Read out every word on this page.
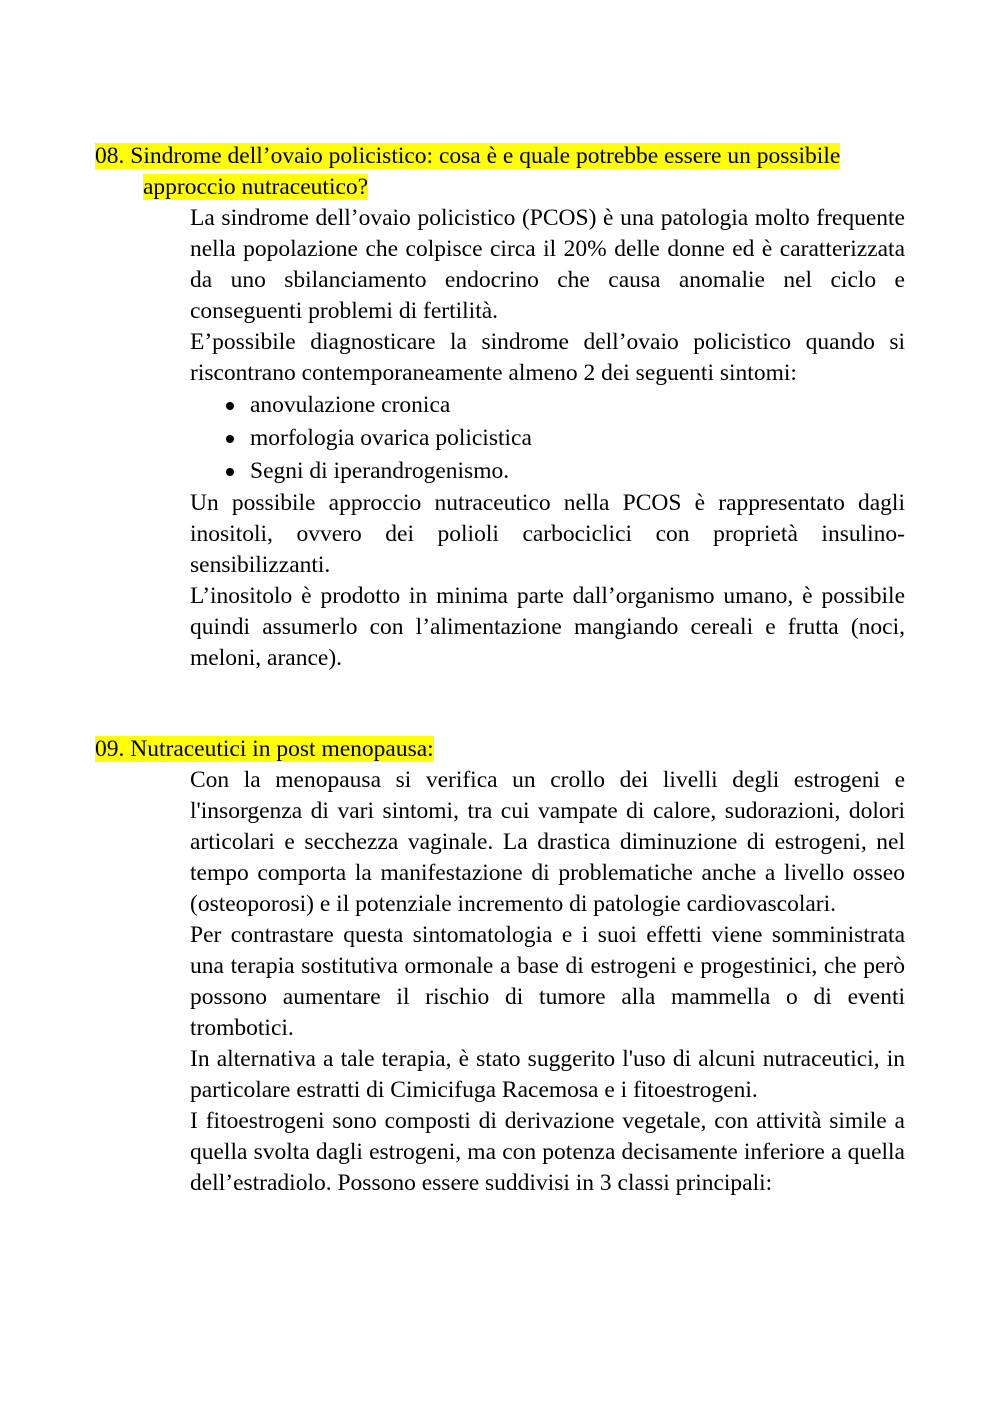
08. Sindrome dell’ovaio policistico: cosa è e quale potrebbe essere un possibile approccio nutraceutico?

La sindrome dell’ovaio policistico (PCOS) è una patologia molto frequente nella popolazione che colpisce circa il 20% delle donne ed è caratterizzata da uno sbilanciamento endocrino che causa anomalie nel ciclo e conseguenti problemi di fertilità.

E’possibile diagnosticare la sindrome dell’ovaio policistico quando si riscontrano contemporaneamente almeno 2 dei seguenti sintomi:

anovulazione cronica
morfologia ovarica policistica
Segni di iperandrogenismo.

Un possibile approccio nutraceutico nella PCOS è rappresentato dagli inositoli, ovvero dei polioli carbociclici con proprietà insulino-sensibilizzanti.

L’inositolo è prodotto in minima parte dall’organismo umano, è possibile quindi assumerlo con l’alimentazione mangiando cereali e frutta (noci, meloni, arance).

09. Nutraceutici in post menopausa:

Con la menopausa si verifica un crollo dei livelli degli estrogeni e l'insorgenza di vari sintomi, tra cui vampate di calore, sudorazioni, dolori articolari e secchezza vaginale. La drastica diminuzione di estrogeni, nel tempo comporta la manifestazione di problematiche anche a livello osseo (osteoporosi) e il potenziale incremento di patologie cardiovascolari.

Per contrastare questa sintomatologia e i suoi effetti viene somministrata una terapia sostitutiva ormonale a base di estrogeni e progestinici, che però possono aumentare il rischio di tumore alla mammella o di eventi trombotici.

In alternativa a tale terapia, è stato suggerito l'uso di alcuni nutraceutici, in particolare estratti di Cimicifuga Racemosa e i fitoestrogeni.

I fitoestrogeni sono composti di derivazione vegetale, con attività simile a quella svolta dagli estrogeni, ma con potenza decisamente inferiore a quella dell’estradiolo. Possono essere suddivisi in 3 classi principali:
